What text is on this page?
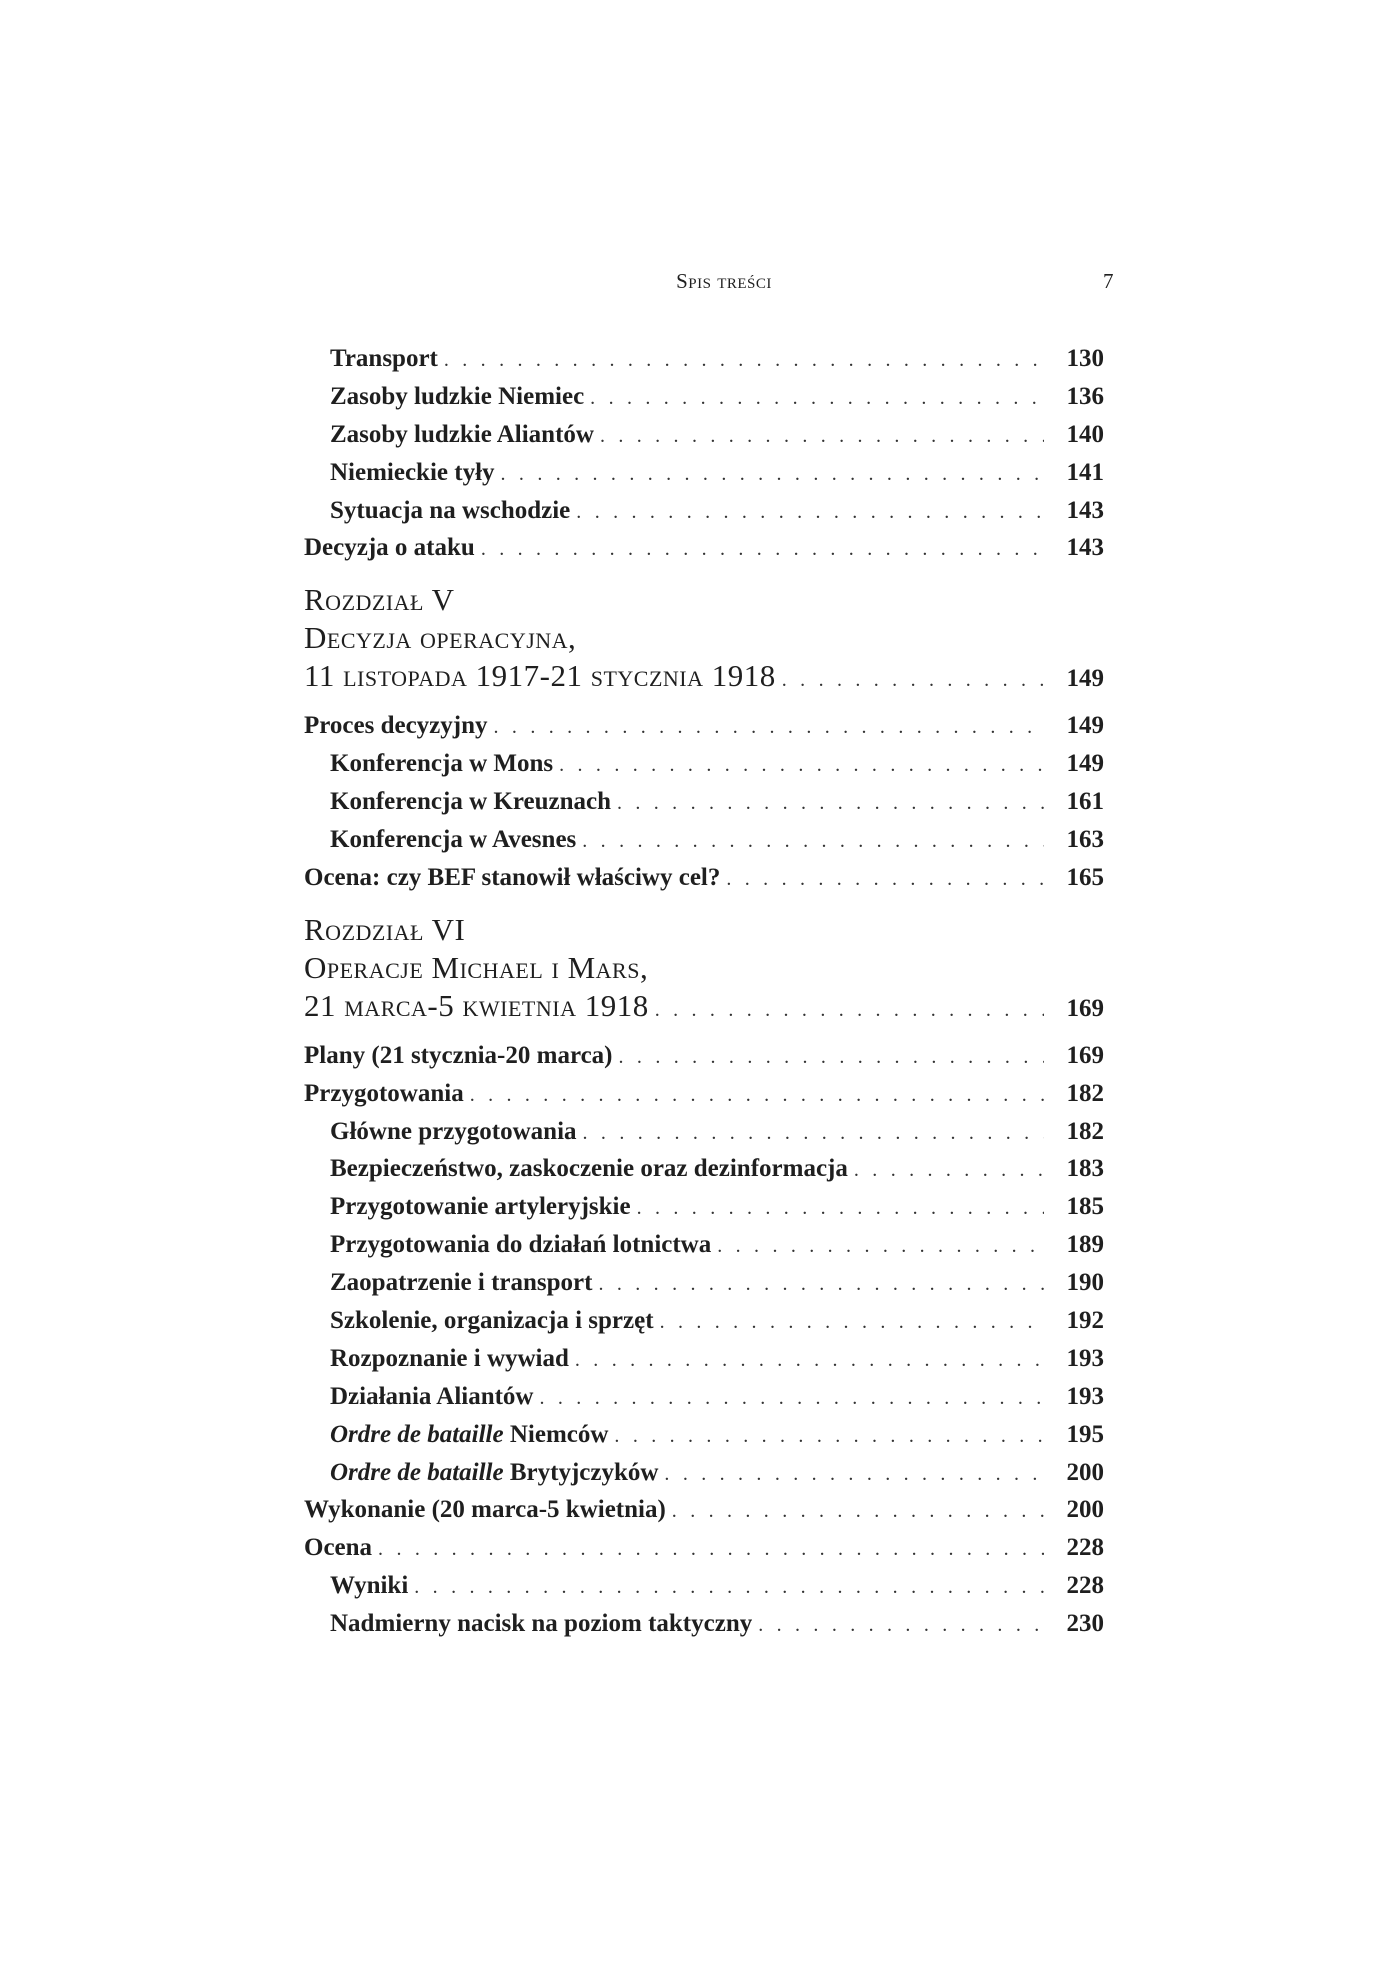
Spis treści	7
Transport . . .	130
Zasoby ludzkie Niemiec . . .	136
Zasoby ludzkie Aliantów . . .	140
Niemieckie tyły . . .	141
Sytuacja na wschodzie . . .	143
Decyzja o ataku . . .	143
Rozdział V
Decyzja operacyjna,
11 listopada 1917-21 stycznia 1918 . . .	149
Proces decyzyjny . . .	149
Konferencja w Mons . . .	149
Konferencja w Kreuznach . . .	161
Konferencja w Avesnes . . .	163
Ocena: czy BEF stanowił właściwy cel? . . .	165
Rozdział VI
Operacje Michael i Mars,
21 marca-5 kwietnia 1918 . . .	169
Plany (21 stycznia-20 marca) . . .	169
Przygotowania . . .	182
Główne przygotowania . . .	182
Bezpieczeństwo, zaskoczenie oraz dezinformacja . . .	183
Przygotowanie artyleryjskie . . .	185
Przygotowania do działań lotnictwa . . .	189
Zaopatrzenie i transport . . .	190
Szkolenie, organizacja i sprzęt . . .	192
Rozpoznanie i wywiad . . .	193
Działania Aliantów . . .	193
Ordre de bataille Niemców . . .	195
Ordre de bataille Brytyjczyków . . .	200
Wykonanie (20 marca-5 kwietnia) . . .	200
Ocena . . .	228
Wyniki . . .	228
Nadmierny nacisk na poziom taktyczny . . .	230
